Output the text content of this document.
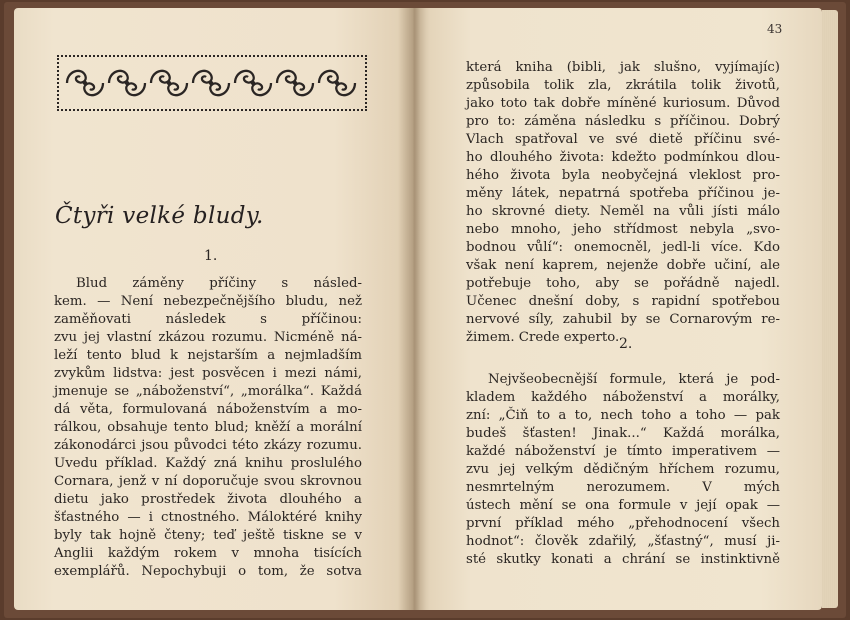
43
Čtyři velké bludy.
1.
Blud záměny příčiny s násled-
kem. — Není nebezpečnějšího bludu, než
zaměňovati následek s příčinou:
zvu jej vlastní zkázou rozumu. Nicméně ná-
leží tento blud k nejstarším a nejmladším
zvykům lidstva: jest posvěcen i mezi námi,
jmenuje se „náboženství“, „morálka“. Každá
dá věta, formulovaná náboženstvím a mo-
rálkou, obsahuje tento blud; kněží a morální
zákonodárci jsou původci této zkázy rozumu.
Uvedu příklad. Každý zná knihu proslulého
Cornara, jenž v ní doporučuje svou skrovnou
dietu jako prostředek života dlouhého a
šťastného — i ctnostného. Máloktéré knihy
byly tak hojně čteny; teď ještě tiskne se v
Anglii každým rokem v mnoha tisících
exemplářů. Nepochybuji o tom, že sotva
která kniha (bibli, jak slušno, vyjímajíc)
způsobila tolik zla, zkrátila tolik životů,
jako toto tak dobře míněné kuriosum. Důvod
pro to: záměna následku s příčinou. Dobrý
Vlach spatřoval ve své dietě příčinu své-
ho dlouhého života: kdežto podmínkou dlou-
hého života byla neobyčejná vleklost pro-
měny látek, nepatrná spotřeba příčinou je-
ho skrovné diety. Neměl na vůli jísti málo
nebo mnoho, jeho střídmost nebyla „svo-
bodnou vůlí“: onemocněl, jedl-li více. Kdo
však není kaprem, nejenže dobře učiní, ale
potřebuje toho, aby se pořádně najedl.
Učenec dnešní doby, s rapidní spotřebou
nervové síly, zahubil by se Cornarovým re-
žimem. Crede experto. 2.
Nejvšeobecnější formule, která je pod-
kladem každého náboženství a morálky,
zní: „Čiň to a to, nech toho a toho — pak
budeš šťasten! Jinak...“ Každá morálka,
každé náboženství je tímto imperativem —
zvu jej velkým dědičným hříchem rozumu,
nesmrtelným nerozumem. V mých
ústech mění se ona formule v její opak —
první příklad mého „přehodnocení všech
hodnot“: člověk zdařilý, „šťastný“, musí ji-
sté skutky konati a chrání se instinktivně
